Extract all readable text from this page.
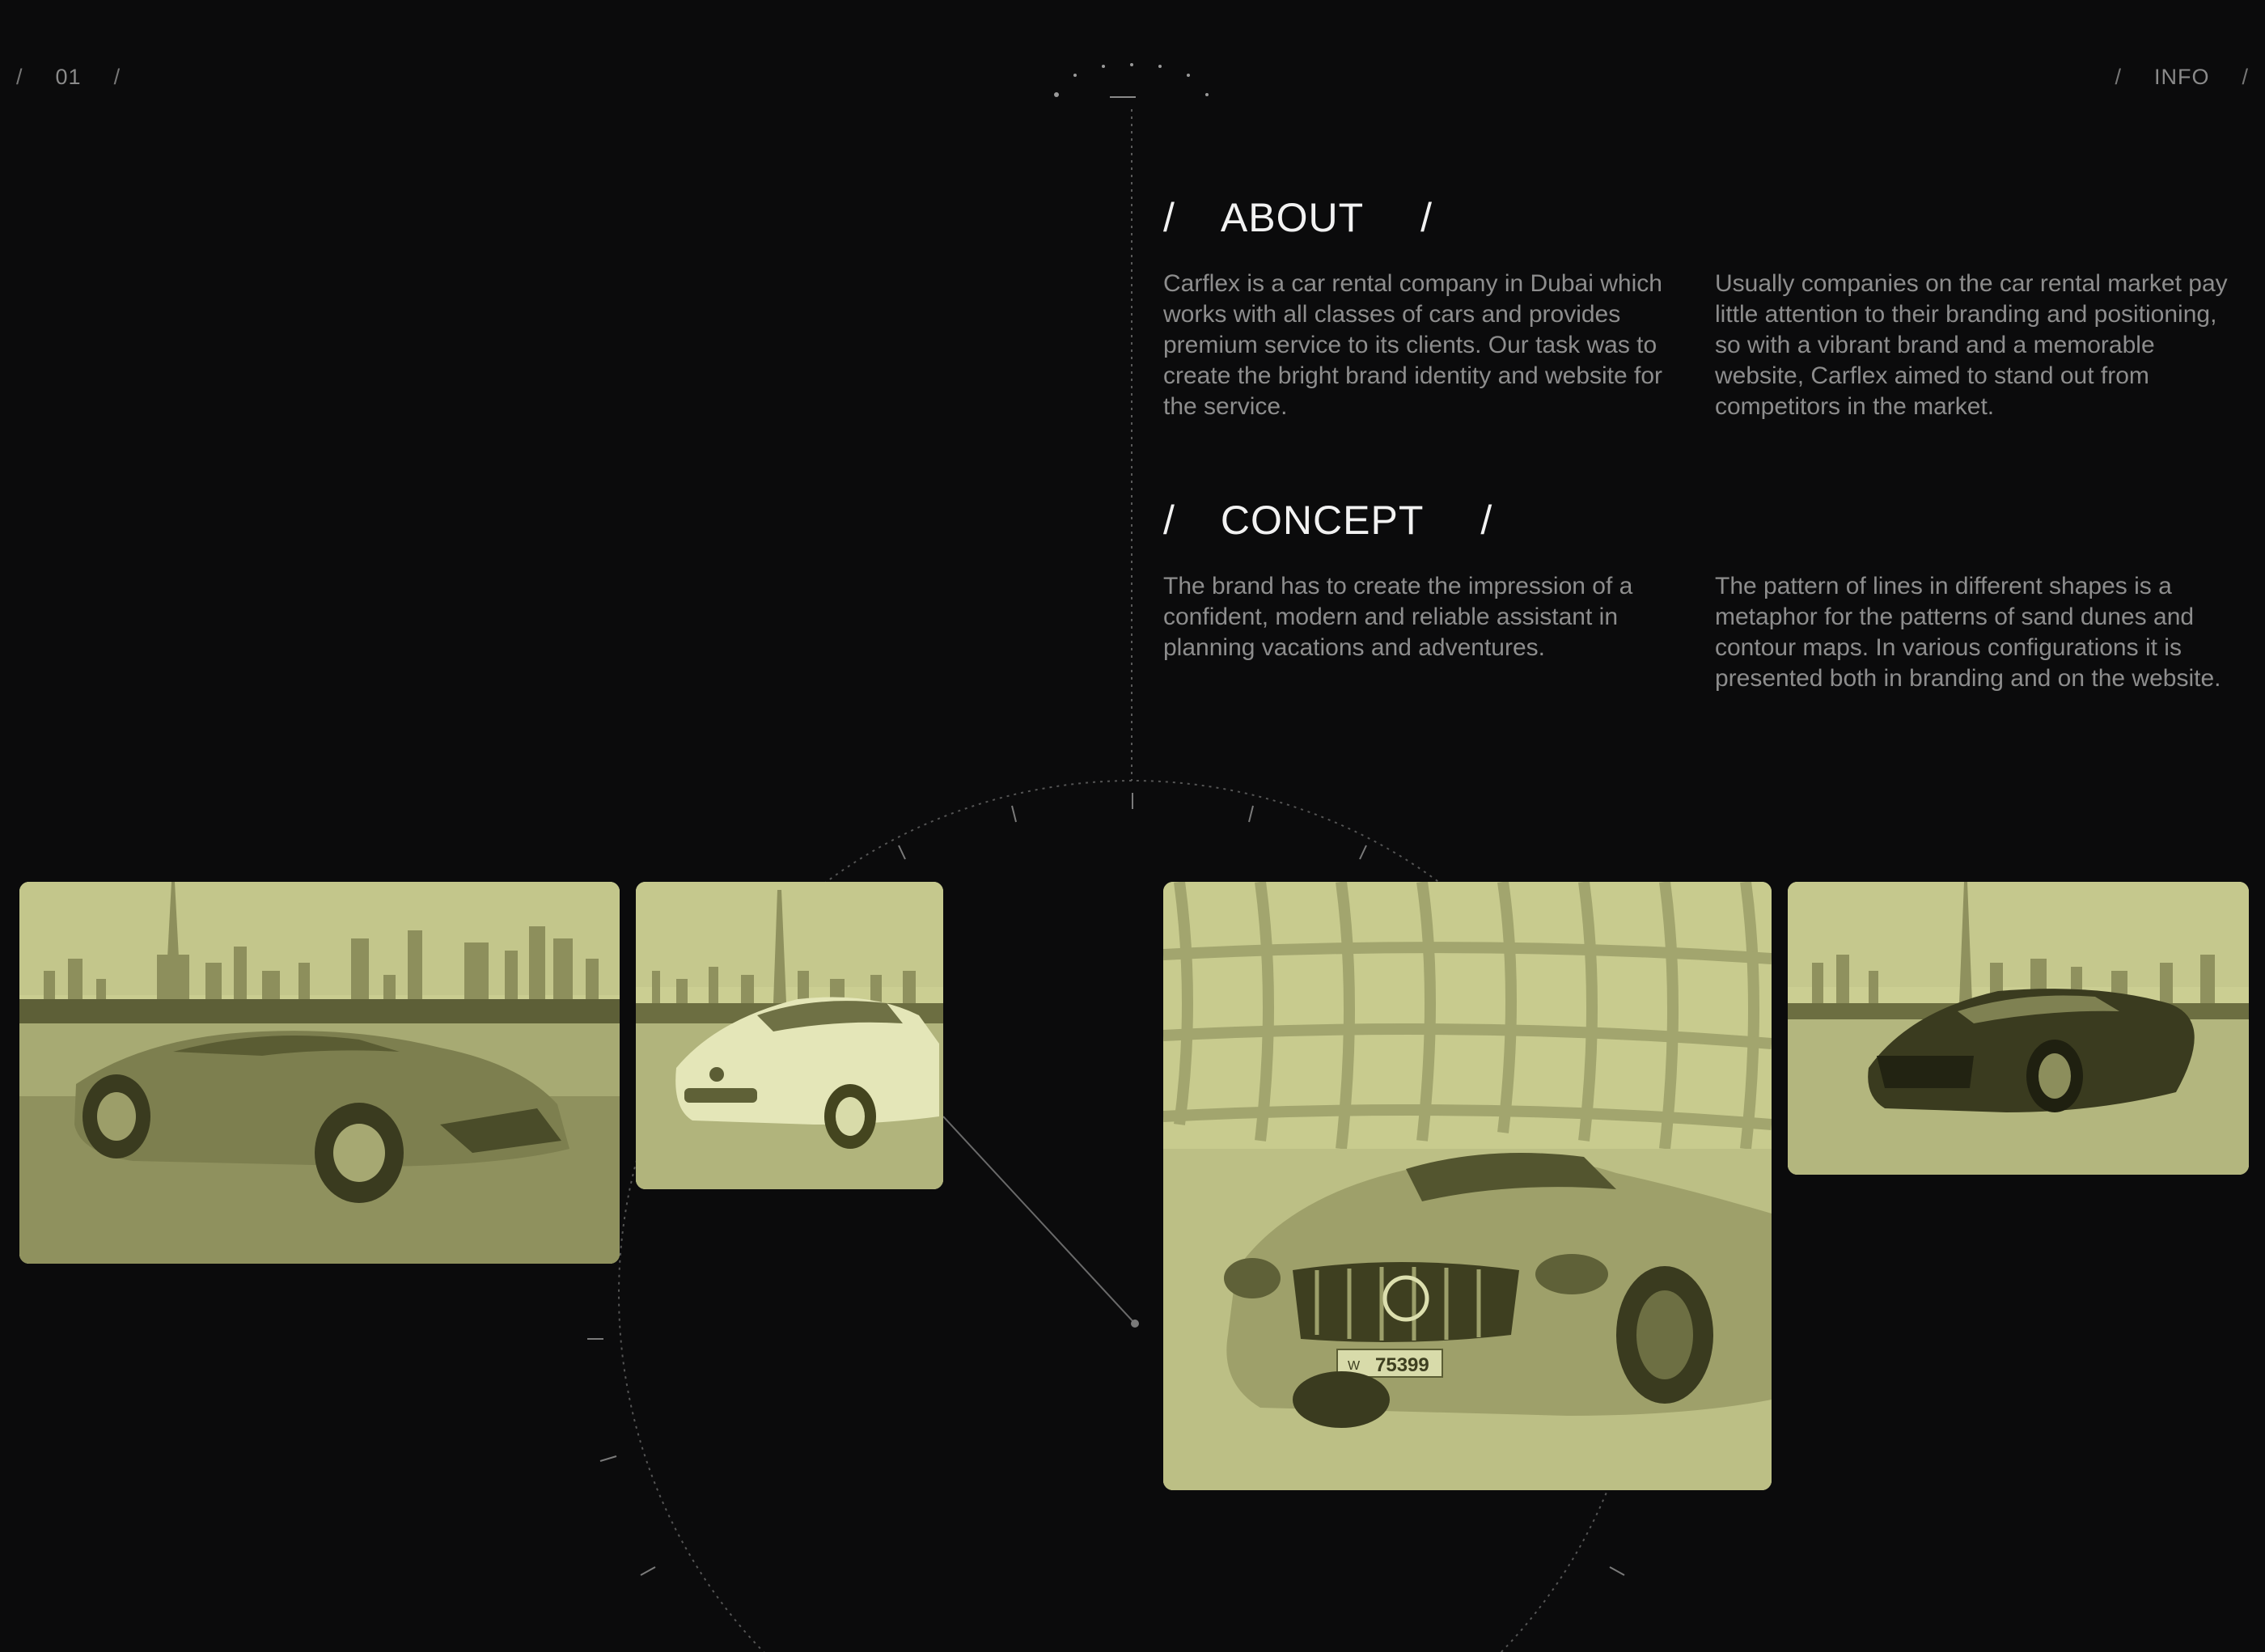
/ 01 /	/ INFO /
/ ABOUT /

Carflex is a car rental company in Dubai which works with all classes of cars and provides premium service to its clients. Our task was to create the bright brand identity and website for the service.

Usually companies on the car rental market pay little attention to their branding and positioning, so with a vibrant brand and a memorable website, Carflex aimed to stand out from competitors in the market.

/ CONCEPT /

The brand has to create the impression of a confident, modern and reliable assistant in planning vacations and adventures.

The pattern of lines in different shapes is a metaphor for the patterns of sand dunes and contour maps. In various configurations it is presented both in branding and on the website.

W 75399
